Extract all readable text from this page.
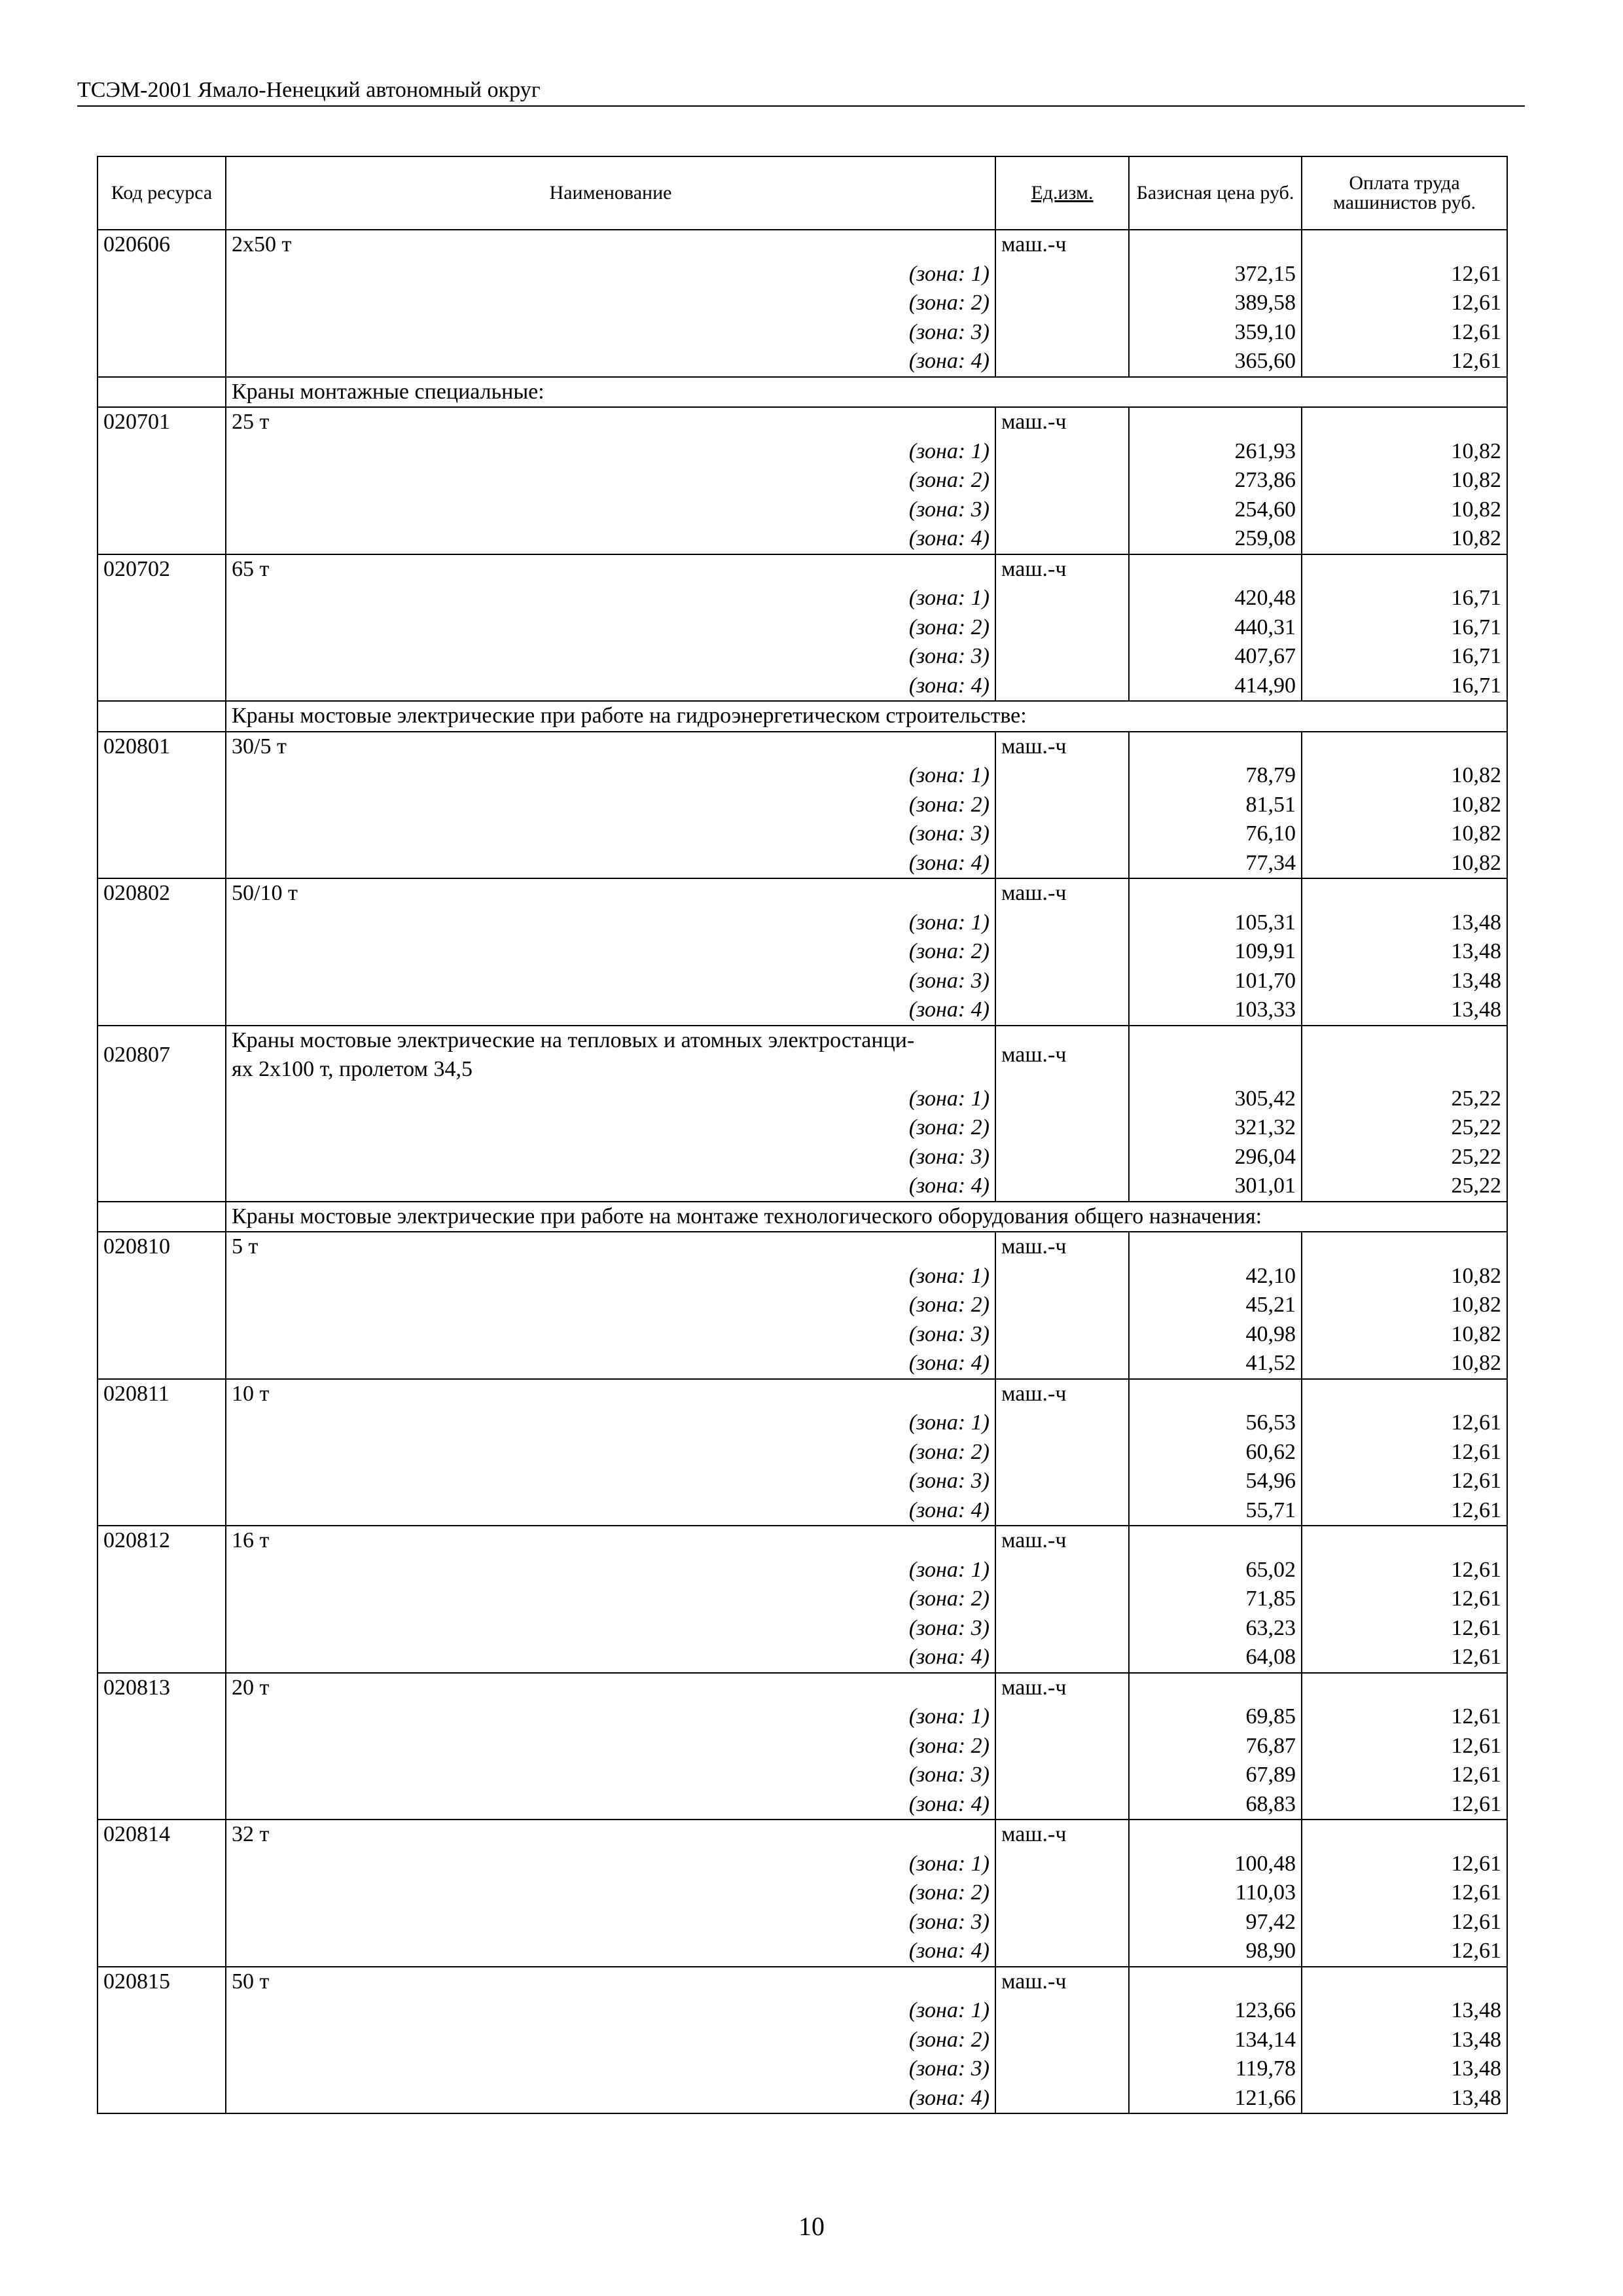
ТСЭМ-2001 Ямало-Ненецкий автономный округ
Код ресурса	Наименование	Ед.изм.	Базисная цена руб.	Оплата труда машинистов руб.
020606	2х50 т	маш.-ч		
	(зона: 1)		372,15	12,61
	(зона: 2)		389,58	12,61
	(зона: 3)		359,10	12,61
	(зона: 4)		365,60	12,61
	Краны монтажные специальные:			
020701	25 т	маш.-ч		
	(зона: 1)		261,93	10,82
	(зона: 2)		273,86	10,82
	(зона: 3)		254,60	10,82
	(зона: 4)		259,08	10,82
020702	65 т	маш.-ч		
	(зона: 1)		420,48	16,71
	(зона: 2)		440,31	16,71
	(зона: 3)		407,67	16,71
	(зона: 4)		414,90	16,71
	Краны мостовые электрические при работе на гидроэнергетическом строительстве:			
020801	30/5 т	маш.-ч		
	(зона: 1)		78,79	10,82
	(зона: 2)		81,51	10,82
	(зона: 3)		76,10	10,82
	(зона: 4)		77,34	10,82
020802	50/10 т	маш.-ч		
	(зона: 1)		105,31	13,48
	(зона: 2)		109,91	13,48
	(зона: 3)		101,70	13,48
	(зона: 4)		103,33	13,48
020807	Краны мостовые электрические на тепловых и атомных электростанци-
ях 2х100 т, пролетом 34,5	маш.-ч		
	(зона: 1)		305,42	25,22
	(зона: 2)		321,32	25,22
	(зона: 3)		296,04	25,22
	(зона: 4)		301,01	25,22
	Краны мостовые электрические при работе на монтаже технологического оборудования общего назначения:			
020810	5 т	маш.-ч		
	(зона: 1)		42,10	10,82
	(зона: 2)		45,21	10,82
	(зона: 3)		40,98	10,82
	(зона: 4)		41,52	10,82
020811	10 т	маш.-ч		
	(зона: 1)		56,53	12,61
	(зона: 2)		60,62	12,61
	(зона: 3)		54,96	12,61
	(зона: 4)		55,71	12,61
020812	16 т	маш.-ч		
	(зона: 1)		65,02	12,61
	(зона: 2)		71,85	12,61
	(зона: 3)		63,23	12,61
	(зона: 4)		64,08	12,61
020813	20 т	маш.-ч		
	(зона: 1)		69,85	12,61
	(зона: 2)		76,87	12,61
	(зона: 3)		67,89	12,61
	(зона: 4)		68,83	12,61
020814	32 т	маш.-ч		
	(зона: 1)		100,48	12,61
	(зона: 2)		110,03	12,61
	(зона: 3)		97,42	12,61
	(зона: 4)		98,90	12,61
020815	50 т	маш.-ч		
	(зона: 1)		123,66	13,48
	(зона: 2)		134,14	13,48
	(зона: 3)		119,78	13,48
	(зона: 4)		121,66	13,48
10
